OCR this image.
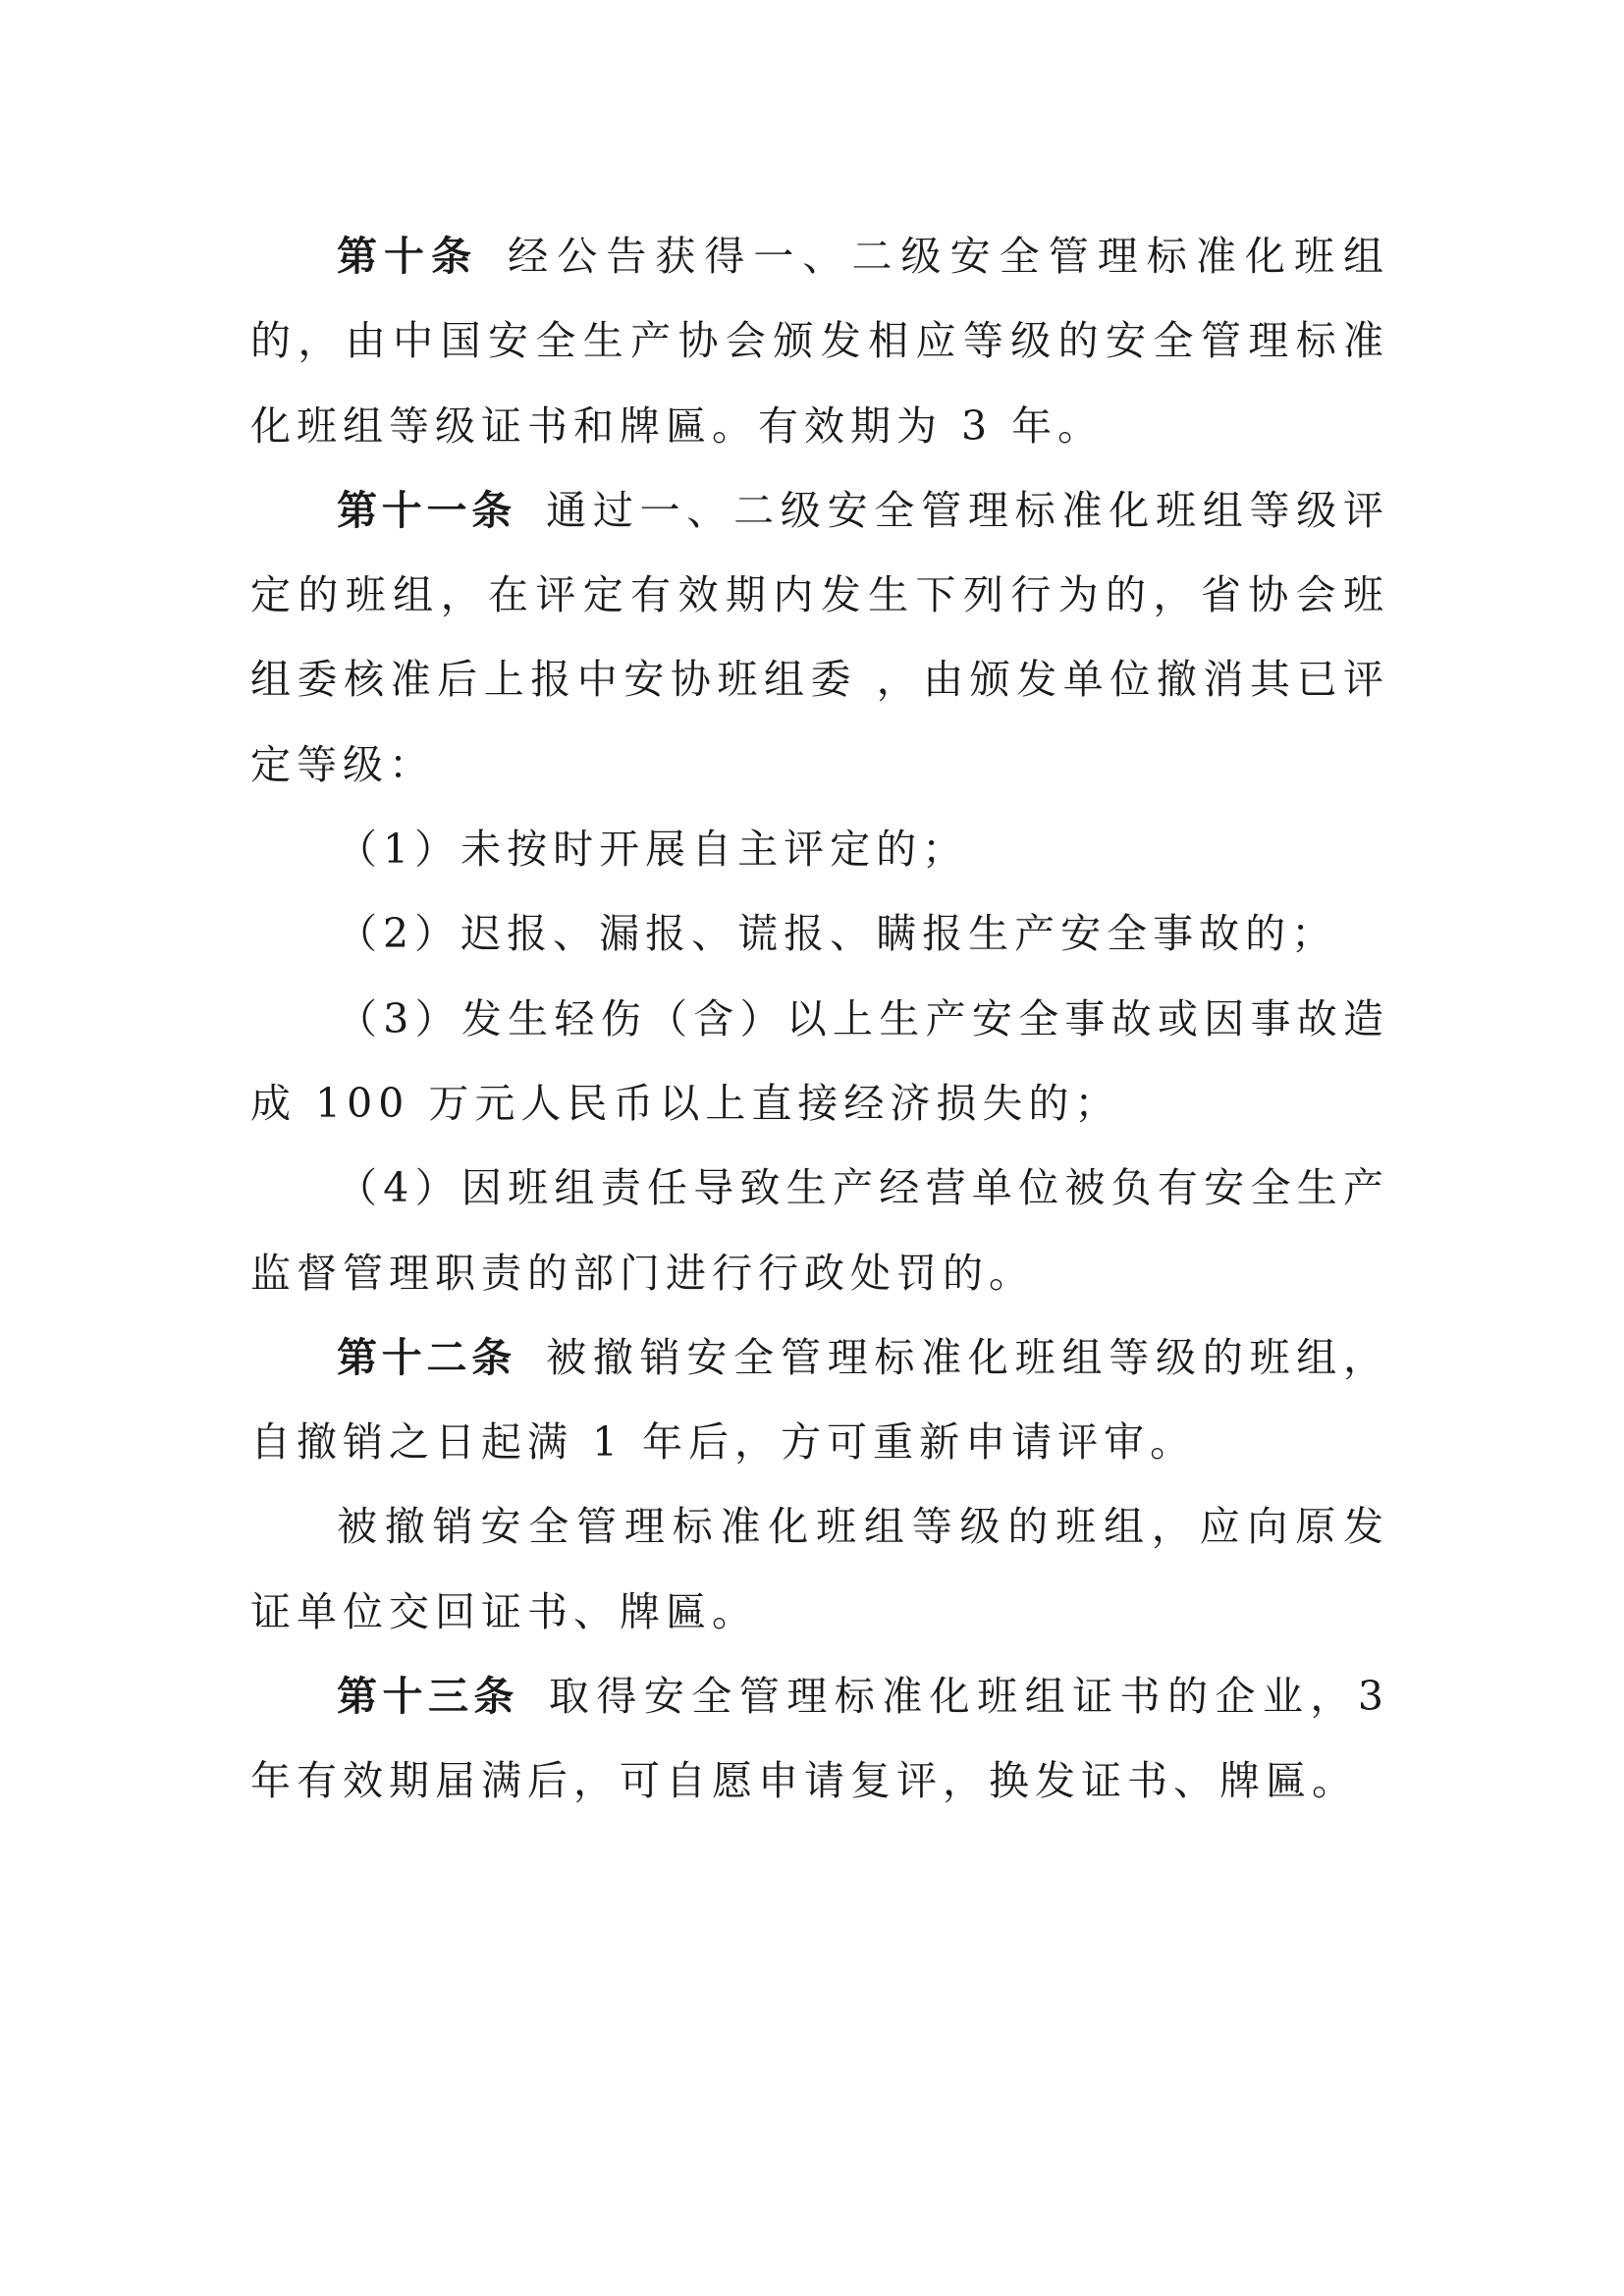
第十条 经公告获得一、二级安全管理标准化班组的，由中国安全生产协会颁发相应等级的安全管理标准化班组等级证书和牌匾。有效期为 3 年。

第十一条 通过一、二级安全管理标准化班组等级评定的班组，在评定有效期内发生下列行为的，省协会班组委核准后上报中安协班组委 ，由颁发单位撤消其已评定等级：

（1）未按时开展自主评定的；

（2）迟报、漏报、谎报、瞒报生产安全事故的；

（3）发生轻伤（含）以上生产安全事故或因事故造成 100 万元人民币以上直接经济损失的；

（4）因班组责任导致生产经营单位被负有安全生产监督管理职责的部门进行行政处罚的。

第十二条 被撤销安全管理标准化班组等级的班组，自撤销之日起满 1 年后，方可重新申请评审。

被撤销安全管理标准化班组等级的班组，应向原发证单位交回证书、牌匾。

第十三条 取得安全管理标准化班组证书的企业，3 年有效期届满后，可自愿申请复评，换发证书、牌匾。
